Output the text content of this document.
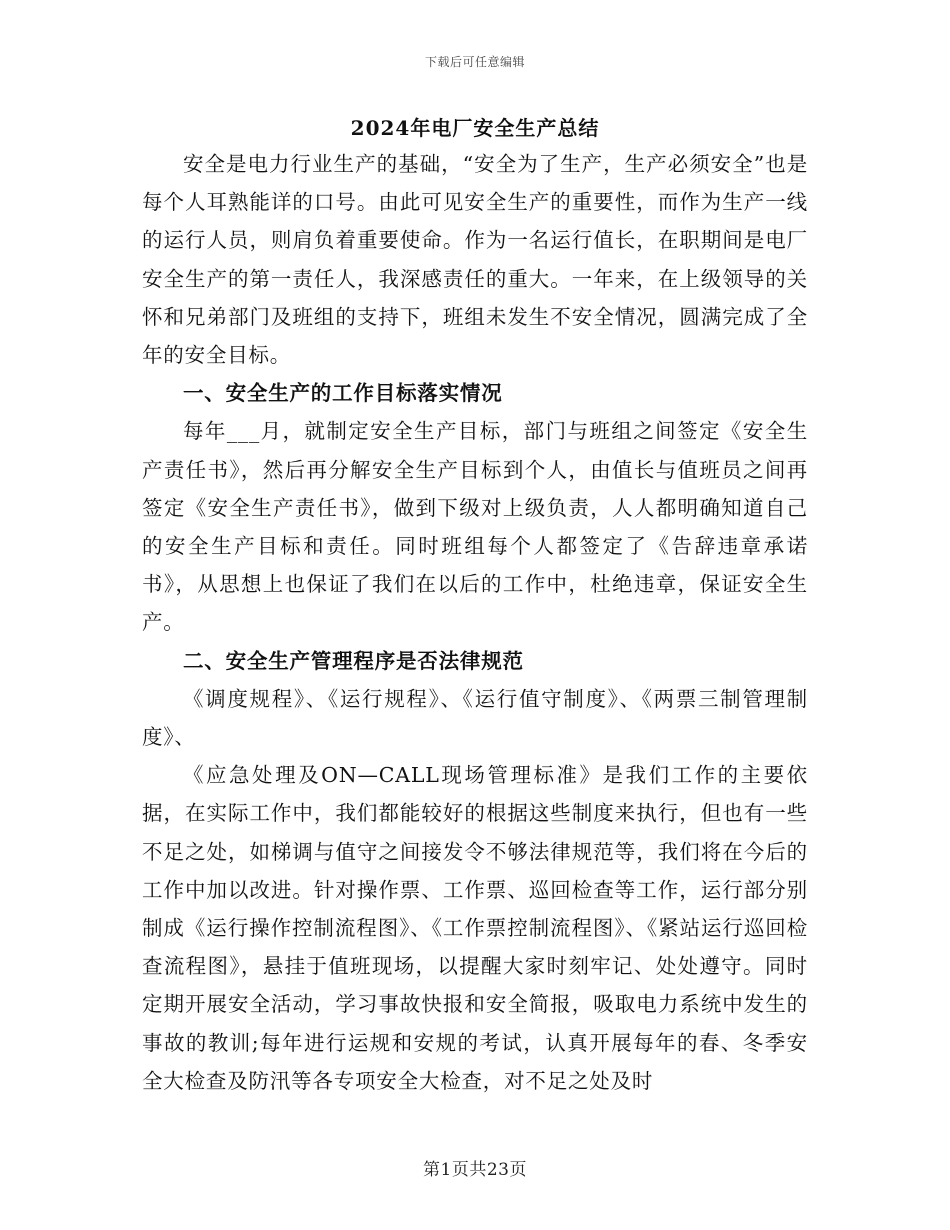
下载后可任意编辑
2024年电厂安全生产总结

安全是电力行业生产的基础，“安全为了生产，生产必须安全”也是每个人耳熟能详的口号。由此可见安全生产的重要性，而作为生产一线的运行人员，则肩负着重要使命。作为一名运行值长，在职期间是电厂安全生产的第一责任人，我深感责任的重大。一年来，在上级领导的关怀和兄弟部门及班组的支持下，班组未发生不安全情况，圆满完成了全年的安全目标。

一、安全生产的工作目标落实情况

每年___月，就制定安全生产目标，部门与班组之间签定《安全生产责任书》，然后再分解安全生产目标到个人，由值长与值班员之间再签定《安全生产责任书》，做到下级对上级负责，人人都明确知道自己的安全生产目标和责任。同时班组每个人都签定了《告辞违章承诺书》，从思想上也保证了我们在以后的工作中，杜绝违章，保证安全生产。

二、安全生产管理程序是否法律规范

《调度规程》、《运行规程》、《运行值守制度》、《两票三制管理制度》、

《应急处理及ON—CALL现场管理标准》是我们工作的主要依据，在实际工作中，我们都能较好的根据这些制度来执行，但也有一些不足之处，如梯调与值守之间接发令不够法律规范等，我们将在今后的工作中加以改进。针对操作票、工作票、巡回检查等工作，运行部分别制成《运行操作控制流程图》、《工作票控制流程图》、《紧站运行巡回检查流程图》，悬挂于值班现场，以提醒大家时刻牢记、处处遵守。同时定期开展安全活动，学习事故快报和安全简报，吸取电力系统中发生的事故的教训;每年进行运规和安规的考试，认真开展每年的春、冬季安全大检查及防汛等各专项安全大检查，对不足之处及时

第1页共23页
